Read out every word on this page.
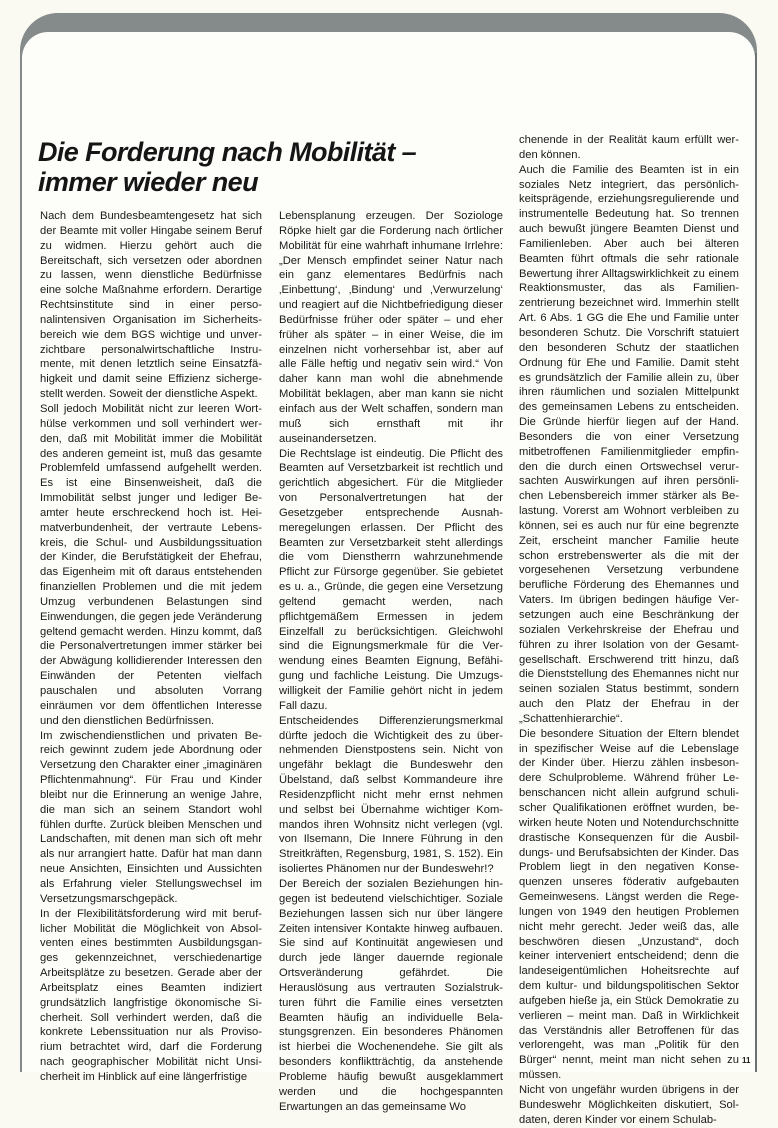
Die Forderung nach Mobilität –
immer wieder neu

Nach dem Bundesbeamtengesetz hat sich der Beamte mit voller Hingabe seinem Beruf zu widmen. Hierzu gehört auch die Bereitschaft, sich versetzen oder abordnen zu lassen, wenn dienstliche Bedürfnisse eine solche Maßnahme erfordern. Derartige Rechtsinstitute sind in einer personalintensiven Organisation im Sicherheitsbereich wie dem BGS wichtige und unverzichtbare personalwirtschaftliche Instrumente, mit denen letztlich seine Einsatzfähigkeit und damit seine Effizienz sichergestellt werden. Soweit der dienstliche Aspekt.

Soll jedoch Mobilität nicht zur leeren Worthülse verkommen und soll verhindert werden, daß mit Mobilität immer die Mobilität des anderen gemeint ist, muß das gesamte Problemfeld umfassend aufgehellt werden. Es ist eine Binsenweisheit, daß die Immobilität selbst junger und lediger Beamter heute erschreckend hoch ist. Heimatverbundenheit, der vertraute Lebenskreis, die Schul- und Ausbildungssituation der Kinder, die Berufstätigkeit der Ehefrau, das Eigenheim mit oft daraus entstehenden finanziellen Problemen und die mit jedem Umzug verbundenen Belastungen sind Einwendungen, die gegen jede Veränderung geltend gemacht werden. Hinzu kommt, daß die Personalvertretungen immer stärker bei der Abwägung kollidierender Interessen den Einwänden der Petenten vielfach pauschalen und absoluten Vorrang einräumen vor dem öffentlichen Interesse und den dienstlichen Bedürfnissen.

Im zwischendienstlichen und privaten Bereich gewinnt zudem jede Abordnung oder Versetzung den Charakter einer „imaginären Pflichtenmahnung“. Für Frau und Kinder bleibt nur die Erinnerung an wenige Jahre, die man sich an seinem Standort wohl fühlen durfte. Zurück bleiben Menschen und Landschaften, mit denen man sich oft mehr als nur arrangiert hatte. Dafür hat man dann neue Ansichten, Einsichten und Aussichten als Erfahrung vieler Stellungswechsel im Versetzungsmarschgepäck.

In der Flexibilitätsforderung wird mit beruflicher Mobilität die Möglichkeit von Absolventen eines bestimmten Ausbildungsganges gekennzeichnet, verschiedenartige Arbeitsplätze zu besetzen. Gerade aber der Arbeitsplatz eines Beamten indiziert grundsätzlich langfristige ökonomische Sicherheit. Soll verhindert werden, daß die konkrete Lebenssituation nur als Provisorium betrachtet wird, darf die Forderung nach geographischer Mobilität nicht Unsicherheit im Hinblick auf eine längerfristige

Lebensplanung erzeugen. Der Soziologe Röpke hielt gar die Forderung nach örtlicher Mobilität für eine wahrhaft inhumane Irrlehre: „Der Mensch empfindet seiner Natur nach ein ganz elementares Bedürfnis nach ‚Einbettung‘, ‚Bindung‘ und ‚Verwurzelung‘ und reagiert auf die Nichtbefriedigung dieser Bedürfnisse früher oder später – und eher früher als später – in einer Weise, die im einzelnen nicht vorhersehbar ist, aber auf alle Fälle heftig und negativ sein wird.“ Von daher kann man wohl die abnehmende Mobilität beklagen, aber man kann sie nicht einfach aus der Welt schaffen, sondern man muß sich ernsthaft mit ihr auseinandersetzen.

Die Rechtslage ist eindeutig. Die Pflicht des Beamten auf Versetzbarkeit ist rechtlich und gerichtlich abgesichert. Für die Mitglieder von Personalvertretungen hat der Gesetzgeber entsprechende Ausnahmeregelungen erlassen. Der Pflicht des Beamten zur Versetzbarkeit steht allerdings die vom Dienstherrn wahrzunehmende Pflicht zur Fürsorge gegenüber. Sie gebietet es u. a., Gründe, die gegen eine Versetzung geltend gemacht werden, nach pflichtgemäßem Ermessen in jedem Einzelfall zu berücksichtigen. Gleichwohl sind die Eignungsmerkmale für die Verwendung eines Beamten Eignung, Befähigung und fachliche Leistung. Die Umzugswilligkeit der Familie gehört nicht in jedem Fall dazu.

Entscheidendes Differenzierungsmerkmal dürfte jedoch die Wichtigkeit des zu übernehmenden Dienstpostens sein. Nicht von ungefähr beklagt die Bundeswehr den Übelstand, daß selbst Kommandeure ihre Residenzpflicht nicht mehr ernst nehmen und selbst bei Übernahme wichtiger Kommandos ihren Wohnsitz nicht verlegen (vgl. von Ilsemann, Die Innere Führung in den Streitkräften, Regensburg, 1981, S. 152). Ein isoliertes Phänomen nur der Bundeswehr!?

Der Bereich der sozialen Beziehungen hingegen ist bedeutend vielschichtiger. Soziale Beziehungen lassen sich nur über längere Zeiten intensiver Kontakte hinweg aufbauen. Sie sind auf Kontinuität angewiesen und durch jede länger dauernde regionale Ortsveränderung gefährdet. Die Herauslösung aus vertrauten Sozialstrukturen führt die Familie eines versetzten Beamten häufig an individuelle Belastungsgrenzen. Ein besonderes Phänomen ist hierbei die Wochenendehe. Sie gilt als besonders konfliktträchtig, da anstehende Probleme häufig bewußt ausgeklammert werden und die hochgespannten Erwartungen an das gemeinsame Wo

chenende in der Realität kaum erfüllt werden können.

Auch die Familie des Beamten ist in ein soziales Netz integriert, das persönlichkeitsprägende, erziehungsregulierende und instrumentelle Bedeutung hat. So trennen auch bewußt jüngere Beamten Dienst und Familienleben. Aber auch bei älteren Beamten führt oftmals die sehr rationale Bewertung ihrer Alltagswirklichkeit zu einem Reaktionsmuster, das als Familienzentrierung bezeichnet wird. Immerhin stellt Art. 6 Abs. 1 GG die Ehe und Familie unter besonderen Schutz. Die Vorschrift statuiert den besonderen Schutz der staatlichen Ordnung für Ehe und Familie. Damit steht es grundsätzlich der Familie allein zu, über ihren räumlichen und sozialen Mittelpunkt des gemeinsamen Lebens zu entscheiden. Die Gründe hierfür liegen auf der Hand. Besonders die von einer Versetzung mitbetroffenen Familienmitglieder empfinden die durch einen Ortswechsel verursachten Auswirkungen auf ihren persönlichen Lebensbereich immer stärker als Belastung. Vorerst am Wohnort verbleiben zu können, sei es auch nur für eine begrenzte Zeit, erscheint mancher Familie heute schon erstrebenswerter als die mit der vorgesehenen Versetzung verbundene berufliche Förderung des Ehemannes und Vaters. Im übrigen bedingen häufige Versetzungen auch eine Beschränkung der sozialen Verkehrskreise der Ehefrau und führen zu ihrer Isolation von der Gesamtgesellschaft. Erschwerend tritt hinzu, daß die Dienststellung des Ehemannes nicht nur seinen sozialen Status bestimmt, sondern auch den Platz der Ehefrau in der „Schattenhierarchie“.

Die besondere Situation der Eltern blendet in spezifischer Weise auf die Lebenslage der Kinder über. Hierzu zählen insbesondere Schulprobleme. Während früher Lebenschancen nicht allein aufgrund schulischer Qualifikationen eröffnet wurden, bewirken heute Noten und Notendurchschnitte drastische Konsequenzen für die Ausbildungs- und Berufsabsichten der Kinder. Das Problem liegt in den negativen Konsequenzen unseres föderativ aufgebauten Gemeinwesens. Längst werden die Regelungen von 1949 den heutigen Problemen nicht mehr gerecht. Jeder weiß das, alle beschwören diesen „Unzustand“, doch keiner interveniert entscheidend; denn die landeseigentümlichen Hoheitsrechte auf dem kultur- und bildungspolitischen Sektor aufgeben hieße ja, ein Stück Demokratie zu verlieren – meint man. Daß in Wirklichkeit das Verständnis aller Betroffenen für das verlorengeht, was man „Politik für den Bürger“ nennt, meint man nicht sehen zu müssen.

Nicht von ungefähr wurden übrigens in der Bundeswehr Möglichkeiten diskutiert, Soldaten, deren Kinder vor einem Schulab-

11
